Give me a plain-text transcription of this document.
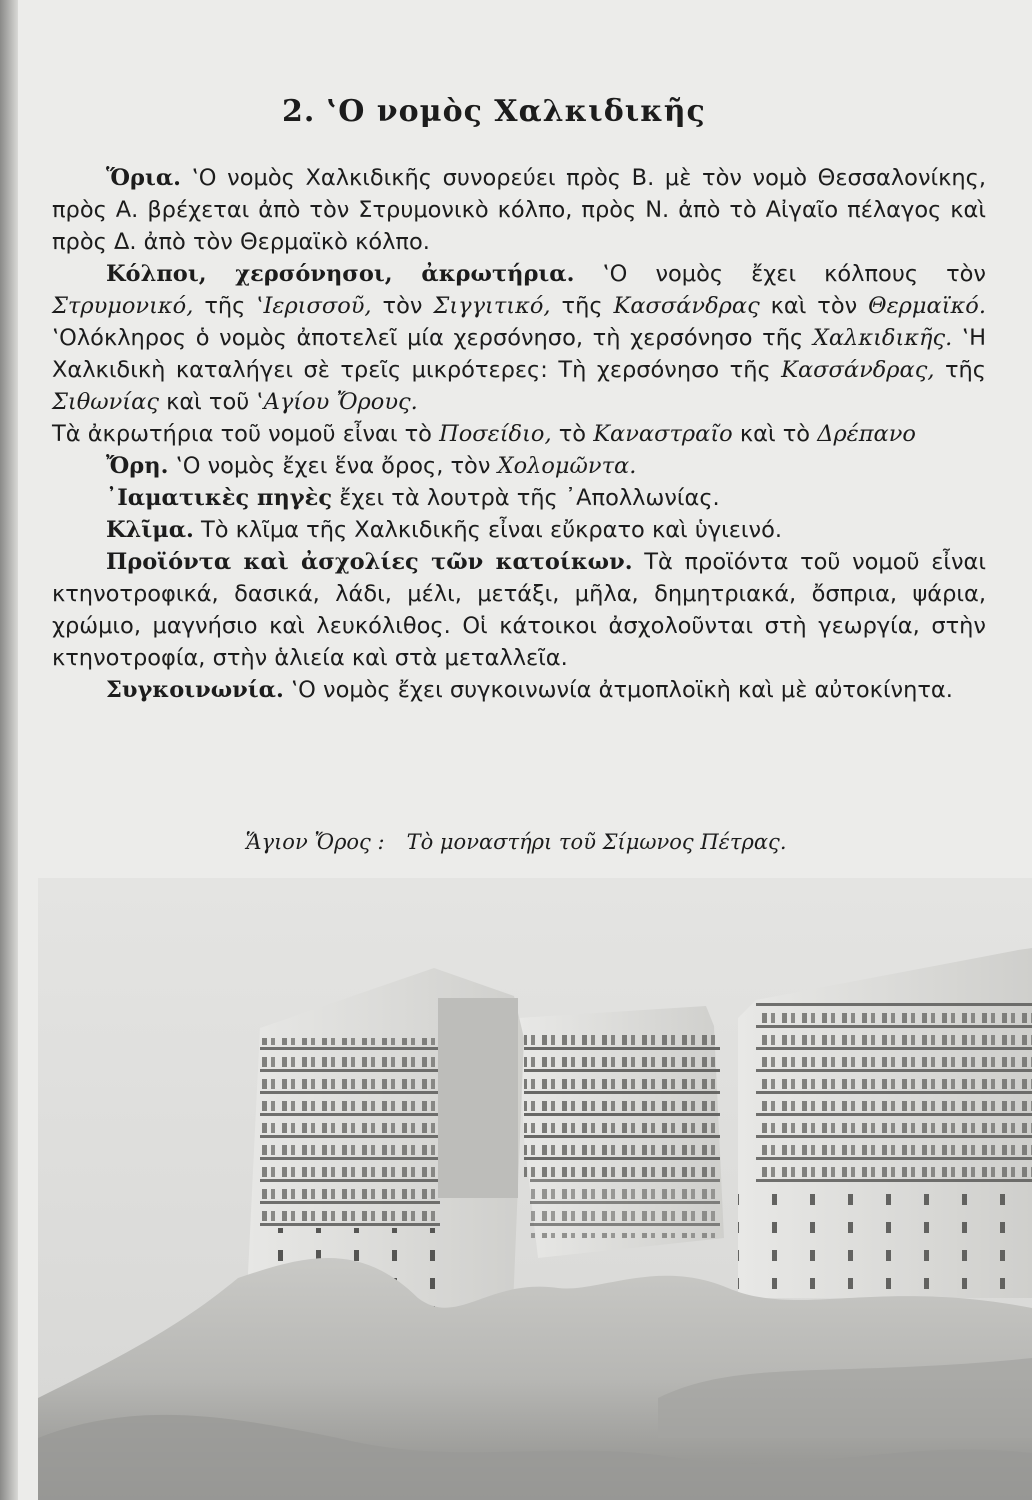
2. ‛Ο νομὸς Χαλκιδικῆς

Ὅρια. ‛Ο νομὸς Χαλκιδικῆς συνορεύει πρὸς Β. μὲ τὸν νομὸ Θεσσαλονίκης, πρὸς Α. βρέχεται ἀπὸ τὸν Στρυμονικὸ κόλπο, πρὸς Ν. ἀπὸ τὸ Αἰγαῖο πέλαγος καὶ πρὸς Δ. ἀπὸ τὸν Θερμαϊκὸ κόλπο.

Κόλποι, χερσόνησοι, ἀκρωτήρια. ‛Ο νομὸς ἔχει κόλπους τὸν Στρυμονικό, τῆς ‛Ιερισσοῦ, τὸν Σιγγιτικό, τῆς Κασσάνδρας καὶ τὸν Θερμαϊκό. ‛Ολόκληρος ὁ νομὸς ἀποτελεῖ μία χερσόνησο, τὴ χερσόνησο τῆς Χαλκιδικῆς. ‛Η Χαλκιδικὴ καταλήγει σὲ τρεῖς μικρότερες: Τὴ χερσόνησο τῆς Κασσάνδρας, τῆς Σιθωνίας καὶ τοῦ ‛Αγίου Ὄρους.

Τὰ ἀκρωτήρια τοῦ νομοῦ εἶναι τὸ Ποσείδιο, τὸ Καναστραῖο καὶ τὸ Δρέπανο

Ὄρη. ‛Ο νομὸς ἔχει ἕνα ὄρος, τὸν Χολομῶντα.

᾽Ιαματικὲς πηγὲς ἔχει τὰ λουτρὰ τῆς ᾽Απολλωνίας.

Κλῖμα. Τὸ κλῖμα τῆς Χαλκιδικῆς εἶναι εὔκρατο καὶ ὑγιεινό.

Προϊόντα καὶ ἀσχολίες τῶν κατοίκων. Τὰ προϊόντα τοῦ νομοῦ εἶναι κτηνοτροφικά, δασικά, λάδι, μέλι, μετάξι, μῆλα, δημητριακά, ὄσπρια, ψάρια, χρώμιο, μαγνήσιο καὶ λευκόλιθος. Οἱ κάτοικοι ἀσχολοῦνται στὴ γεωργία, στὴν κτηνοτροφία, στὴν ἁλιεία καὶ στὰ μεταλλεῖα.

Συγκοινωνία. ‛Ο νομὸς ἔχει συγκοινωνία ἀτμοπλοϊκὴ καὶ μὲ αὐτοκίνητα.

Ἅγιον Ὄρος : Τὸ μοναστήρι τοῦ Σίμωνος Πέτρας.
